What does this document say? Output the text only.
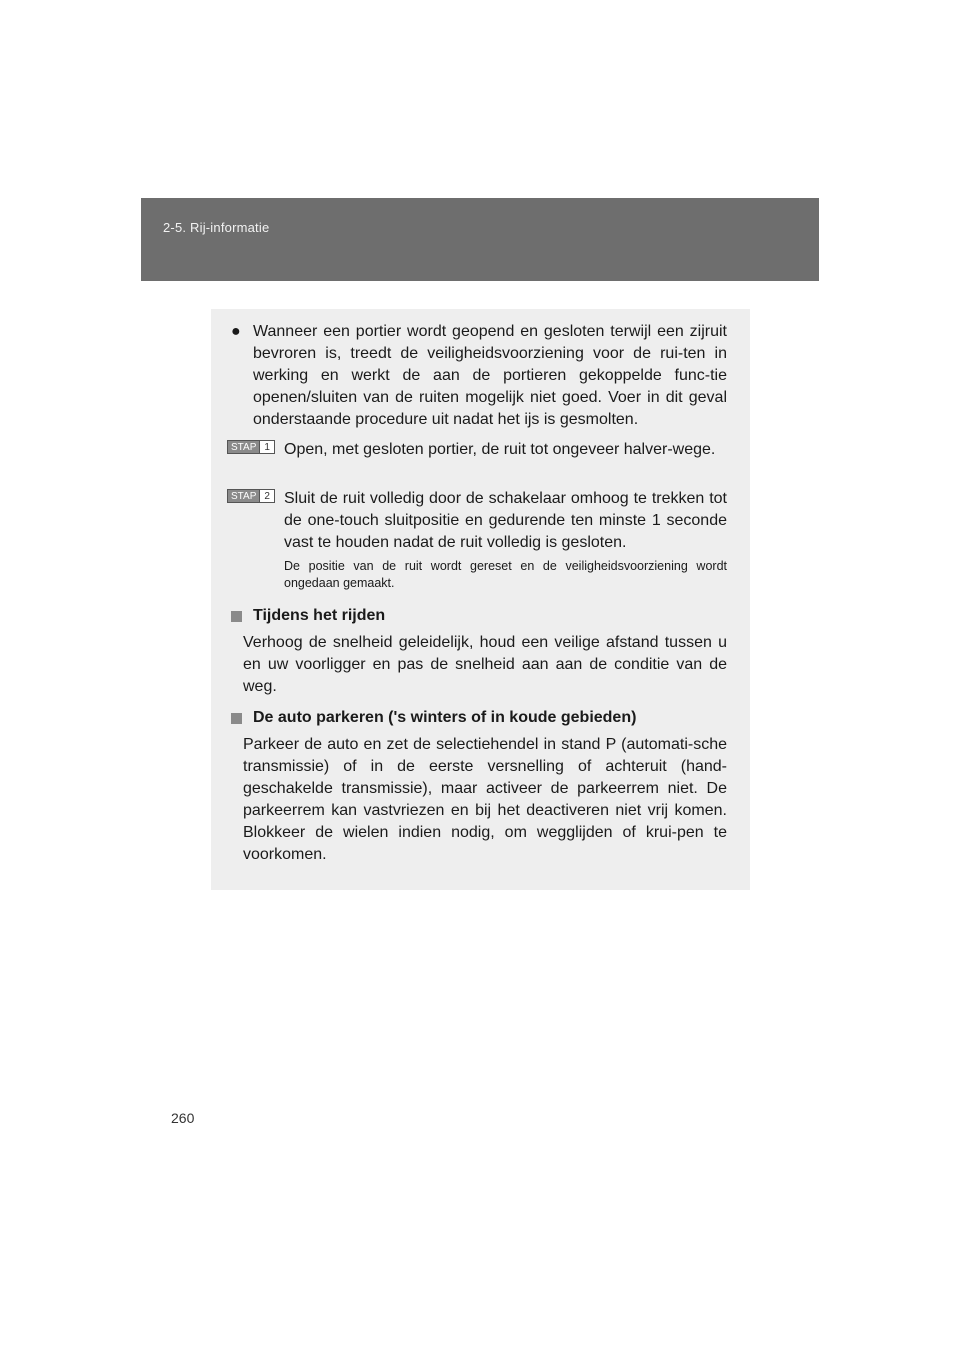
2-5. Rij-informatie
● Wanneer een portier wordt geopend en gesloten terwijl een zijruit bevroren is, treedt de veiligheidsvoorziening voor de rui-ten in werking en werkt de aan de portieren gekoppelde func-tie openen/sluiten van de ruiten mogelijk niet goed. Voer in dit geval onderstaande procedure uit nadat het ijs is gesmolten.
STAP 1 Open, met gesloten portier, de ruit tot ongeveer halver-wege.
STAP 2 Sluit de ruit volledig door de schakelaar omhoog te trekken tot de one-touch sluitpositie en gedurende ten minste 1 seconde vast te houden nadat de ruit volledig is gesloten.
De positie van de ruit wordt gereset en de veiligheidsvoorziening wordt ongedaan gemaakt.
Tijdens het rijden
Verhoog de snelheid geleidelijk, houd een veilige afstand tussen u en uw voorligger en pas de snelheid aan aan de conditie van de weg.
De auto parkeren ('s winters of in koude gebieden)
Parkeer de auto en zet de selectiehendel in stand P (automati-sche transmissie) of in de eerste versnelling of achteruit (hand-geschakelde transmissie), maar activeer de parkeerrem niet. De parkeerrem kan vastvriezen en bij het deactiveren niet vrij komen. Blokkeer de wielen indien nodig, om wegglijden of krui-pen te voorkomen.
260
